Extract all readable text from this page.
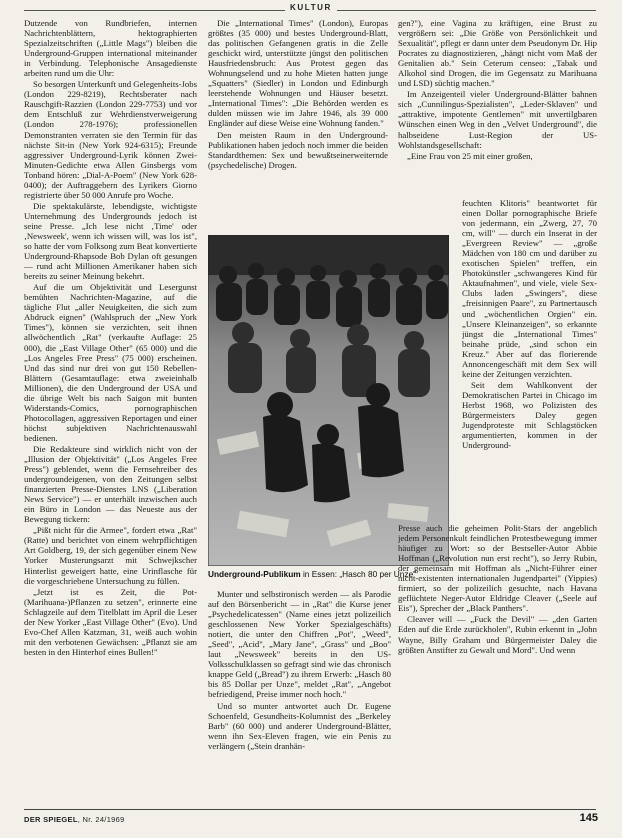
KULTUR

Dutzende von Rundbriefen, internen Nachrichtenblättern, hektographierten Spezialzeitschriften („Little Mags") bleiben die Underground-Gruppen international miteinander in Verbindung. Telephonische Ansagedienste arbeiten rund um die Uhr:

So besorgen Unterkunft und Gelegenheits-Jobs (London 229-8219), Rechtsberater nach Rauschgift-Razzien (London 229-7753) und vor dem Entschluß zur Wehrdienstverweigerung (London 278-1976); professionellen Demonstranten verraten sie den Termin für das nächste Sit-in (New York 924-6315); Freunde aggressiver Underground-Lyrik können Zwei-Minuten-Gedichte etwa Allen Ginsbergs vom Tonband hören: „Dial-A-Poem" (New York 628-0400); der Auftraggebern des Lyrikers Giorno registrierte über 50 000 Anrufe pro Woche.

Die spektakulärste, lebendigste, wichtigste Unternehmung des Undergrounds jedoch ist seine Presse. „Ich lese nicht ‚Time' oder ‚Newsweek', wenn ich wissen will, was los ist", so hatte der vom Folksong zum Beat konvertierte Underground-Rhapsode Bob Dylan oft gesungen — rund acht Millionen Amerikaner haben sich bereits zu seiner Meinung bekehrt.

Auf die um Objektivität und Lesergunst bemühten Nachrichten-Magazine, auf die tägliche Flut „aller Neuigkeiten, die sich zum Abdruck eignen" (Wahlspruch der „New York Times"), können sie verzichten, seit ihnen allwöchentlich „Rat" (verkaufte Auflage: 25 000), die „East Village Other" (65 000) und die „Los Angeles Free Press" (75 000) erscheinen. Und das sind nur drei von gut 150 Rebellen-Blättern (Gesamtauflage: etwa zweieinhalb Millionen), die den Underground der USA und die übrige Welt bis nach Saigon mit bunten Widerstands-Comics, pornographischen Photocollagen, aggressiven Reportagen und einer höchst subjektiven Nachrichtenauswahl bedienen.

Die Redakteure sind wirklich nicht von der „Illusion der Objektivität" („Los Angeles Free Press") geblendet, wenn die Fernsehreiber des undergroundeigenen, von den Zeitungen selbst finanzierten Presse-Dienstes LNS („Liberation News Service") — er unterhält inzwischen auch ein Büro in London — das Neueste aus der Bewegung tickern:

„Pißt nicht für die Armee", fordert etwa „Rat" (Ratte) und berichtet von einem wehrpflichtigen Art Goldberg, 19, der sich gegenüber einem New Yorker Musterungsarzt mit Schwejkscher Hinterlist geweigert hatte, eine Urinflasche für die vorgeschriebene Untersuchung zu füllen.

„Jetzt ist es Zeit, die Pot-(Marihuana-)Pflanzen zu setzen", erinnerte eine Schlagzeile auf dem Titelblatt im April die Leser der New Yorker „East Village Other" (Evo). Und Evo-Chef Allen Katzman, 31, weiß auch wohin mit den verbotenen Gewächsen: „Pflanzt sie am besten in den Hinterhof eines Bullen!"

Die „International Times" (London), Europas größtes (35 000) und bestes Underground-Blatt, das politischen Gefangenen gratis in die Zelle geschickt wird, unterstützte jüngst den politischen Hausfriedensbruch: Aus Protest gegen das Wohnungselend und zu hohe Mieten hatten junge „Squatters" (Siedler) in London und Edinburgh leerstehende Wohnungen und Häuser besetzt. „International Times": „Die Behörden werden es dulden müssen wie im Jahre 1946, als 39 000 Engländer auf diese Weise eine Wohnung fanden."

Den meisten Raum in den Underground-Publikationen haben jedoch noch immer die beiden Standardthemen: Sex und bewußtseinerweiternde (psychedelische) Drogen.

Underground-Publikum in Essen: „Hasch 80 per Unze"

gen?"), eine Vagina zu kräftigen, eine Brust zu vergrößern sei: „Die Größe von Persönlichkeit und Sexualität", pflegt er dann unter dem Pseudonym Dr. Hip Pocrates zu diagnostizieren, „hängt nicht vom Maß der Genitalien ab." Sein Ceterum censeo: „Tabak und Alkohol sind Drogen, die im Gegensatz zu Marihuana und LSD) süchtig machen."

Im Anzeigenteil vieler Underground-Blätter bahnen sich „Cunnilingus-Spezialisten", „Leder-Sklaven" und „attraktive, impotente Gentlemen" mit unvertilgbaren Wünschen einen Weg in den „Velvet Underground", die halbseidene Lust-Region der US-Wohlstandsgesellschaft:

„Eine Frau von 25 mit einer großen,

feuchten Klitoris" beantwortet für einen Dollar pornographische Briefe von jedermann, ein „Zwerg, 27, 70 cm, will" — durch ein Inserat in der „Evergreen Review" — „große Mädchen von 180 cm und darüber zu exotischen Spielen" treffen, ein Photokünstler „schwangeres Kind für Aktaufnahmen", und viele, viele Sex-Clubs laden „Swingers", diese „freisinnigen Paare", zu Partnertausch und „wöchentlichen Orgien" ein. „Unsere Kleinanzeigen", so erkannte jüngst die „International Times" beinahe prüde, „sind schon ein Kreuz." Aber auf das florierende Annoncengeschäft mit dem Sex will keine der Zeitungen verzichten.

Seit dem Wahlkonvent der Demokratischen Partei in Chicago im Herbst 1968, wo Polizisten des Bürgermeisters Daley gegen Jugendproteste mit Schlagstöcken argumentierten, kommen in der Underground-

Munter und selbstironisch werden — als Parodie auf den Börsenbericht — in „Rat" die Kurse jener „Psychedelicatessen" (Name eines jetzt polizeilich geschlossenen New Yorker Spezialgeschäfts) notiert, die unter den Chiffren „Pot", „Weed", „Seed", „Acid", „Mary Jane", „Grass" und „Boo" laut „Newsweek" bereits in den US-Volksschulklassen so gefragt sind wie das chronisch knappe Geld („Bread") zu ihrem Erwerb: „Hasch 80 bis 85 Dollar per Unze", meldet „Rat", „Angebot befriedigend, Preise immer noch hoch."

Und so munter antwortet auch Dr. Eugene Schoenfeld, Gesundheits-Kolumnist des „Berkeley Barb" (60 000) und anderer Underground-Blätter, wenn ihn Sex-Eleven fragen, wie ein Penis zu verlängern („Stein dranhän-

Presse auch die geheimen Polit-Stars der angeblich jedem Personenkult feindlichen Protestbewegung immer häufiger zu Wort: so der Bestseller-Autor Abbie Hoffman („Revolution nun erst recht"), so Jerry Rubin, der gemeinsam mit Hoffman als „Nicht-Führer einer nicht-existenten internationalen Jugendpartei" (Yippies) firmiert, so der polizeilich gesuchte, nach Havana geflüchtete Neger-Autor Eldridge Cleaver („Seele auf Eis"), Sprecher der „Black Panthers".

Cleaver will — „Fuck the Devil" — „den Garten Eden auf die Erde zurückholen", Rubin erkennt in „John Wayne, Billy Graham und Bürgermeister Daley die größten Anstifter zu Gewalt und Mord". Und wenn

DER SPIEGEL, Nr. 24/1969	145
